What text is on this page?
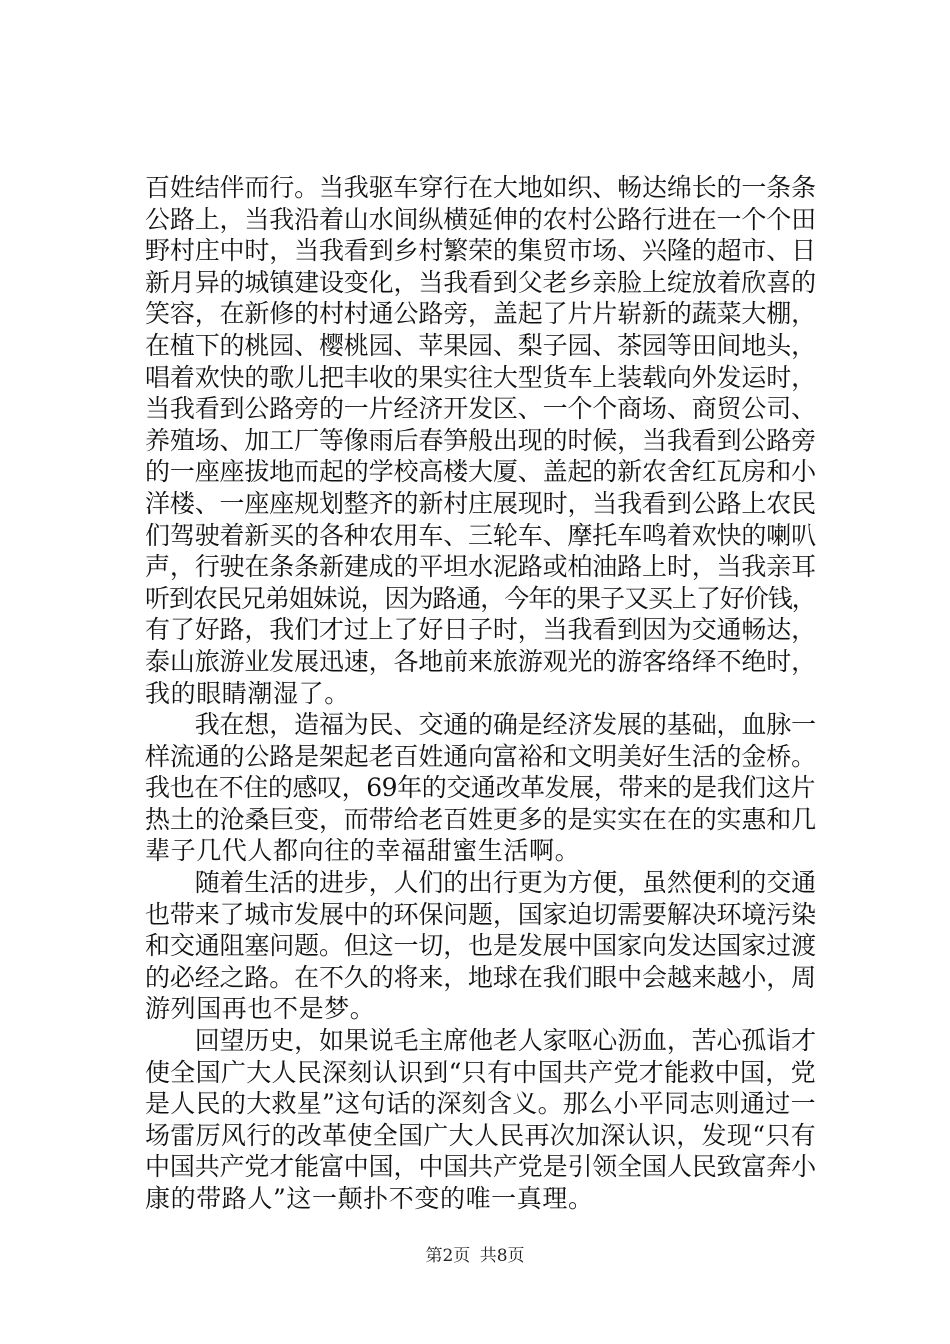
百姓结伴而行。当我驱车穿行在大地如织、畅达绵长的一条条
公路上，当我沿着山水间纵横延伸的农村公路行进在一个个田
野村庄中时，当我看到乡村繁荣的集贸市场、兴隆的超市、日
新月异的城镇建设变化，当我看到父老乡亲脸上绽放着欣喜的
笑容，在新修的村村通公路旁，盖起了片片崭新的蔬菜大棚，
在植下的桃园、樱桃园、苹果园、梨子园、茶园等田间地头，
唱着欢快的歌儿把丰收的果实往大型货车上装载向外发运时，
当我看到公路旁的一片经济开发区、一个个商场、商贸公司、
养殖场、加工厂等像雨后春笋般出现的时候，当我看到公路旁
的一座座拔地而起的学校高楼大厦、盖起的新农舍红瓦房和小
洋楼、一座座规划整齐的新村庄展现时，当我看到公路上农民
们驾驶着新买的各种农用车、三轮车、摩托车鸣着欢快的喇叭
声，行驶在条条新建成的平坦水泥路或柏油路上时，当我亲耳
听到农民兄弟姐妹说，因为路通，今年的果子又买上了好价钱，
有了好路，我们才过上了好日子时，当我看到因为交通畅达，
泰山旅游业发展迅速，各地前来旅游观光的游客络绎不绝时，
我的眼睛潮湿了。
　　我在想，造福为民、交通的确是经济发展的基础，血脉一
样流通的公路是架起老百姓通向富裕和文明美好生活的金桥。
我也在不住的感叹，69年的交通改革发展，带来的是我们这片
热土的沧桑巨变，而带给老百姓更多的是实实在在的实惠和几
辈子几代人都向往的幸福甜蜜生活啊。
　　随着生活的进步，人们的出行更为方便，虽然便利的交通
也带来了城市发展中的环保问题，国家迫切需要解决环境污染
和交通阻塞问题。但这一切，也是发展中国家向发达国家过渡
的必经之路。在不久的将来，地球在我们眼中会越来越小，周
游列国再也不是梦。
　　回望历史，如果说毛主席他老人家呕心沥血，苦心孤诣才
使全国广大人民深刻认识到“只有中国共产党才能救中国，党
是人民的大救星”这句话的深刻含义。那么小平同志则通过一
场雷厉风行的改革使全国广大人民再次加深认识，发现“只有
中国共产党才能富中国，中国共产党是引领全国人民致富奔小
康的带路人”这一颠扑不变的唯一真理。
第2页 共8页
